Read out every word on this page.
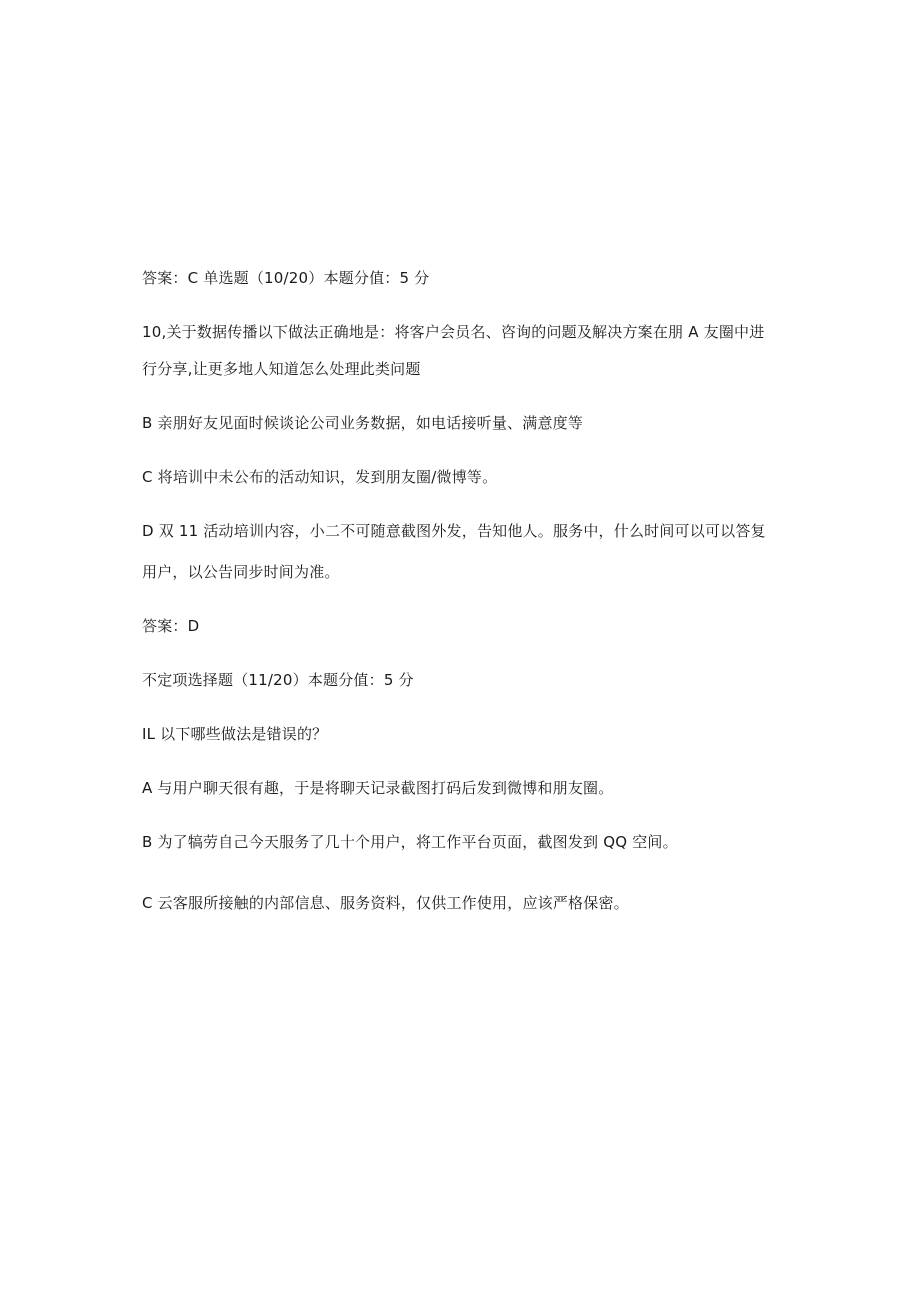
答案：C 单选题（10/20）本题分值：5 分
10,关于数据传播以下做法正确地是：将客户会员名、咨询的问题及解决方案在朋 A 友圈中进
行分享,让更多地人知道怎么处理此类问题
B 亲朋好友见面时候谈论公司业务数据，如电话接听量、满意度等
C 将培训中未公布的活动知识，发到朋友圈/微博等。
D 双 11 活动培训内容，小二不可随意截图外发，告知他人。服务中，什么时间可以可以答复
用户，以公告同步时间为准。
答案：D
不定项选择题（11/20）本题分值：5 分
IL 以下哪些做法是错误的？
A 与用户聊天很有趣，于是将聊天记录截图打码后发到微博和朋友圈。
B 为了犒劳自己今天服务了几十个用户，将工作平台页面，截图发到 QQ 空间。
C 云客服所接触的内部信息、服务资料，仅供工作使用，应该严格保密。
